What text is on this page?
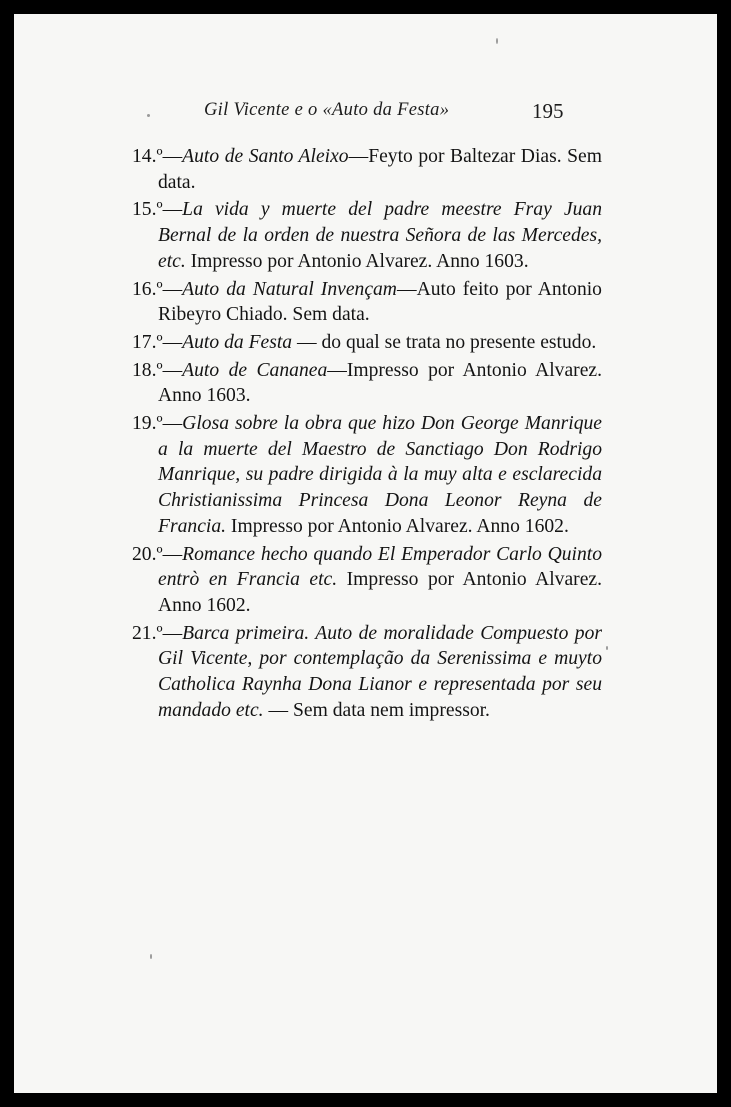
Gil Vicente e o «Auto da Festa»	195

14.º—Auto de Santo Aleixo—Feyto por Baltezar Dias. Sem data.

15.º—La vida y muerte del padre meestre Fray Juan Bernal de la orden de nuestra Señora de las Mercedes, etc. Impresso por Antonio Alvarez. Anno 1603.

16.º—Auto da Natural Invençam—Auto feito por Antonio Ribeyro Chiado. Sem data.

17.º—Auto da Festa — do qual se trata no presente estudo.

18.º—Auto de Cananea—Impresso por Antonio Alvarez. Anno 1603.

19.º—Glosa sobre la obra que hizo Don George Manrique a la muerte del Maestro de Sanctiago Don Rodrigo Manrique, su padre dirigida à la muy alta e esclarecida Christianissima Princesa Dona Leonor Reyna de Francia. Impresso por Antonio Alvarez. Anno 1602.

20.º—Romance hecho quando El Emperador Carlo Quinto entrò en Francia etc. Impresso por Antonio Alvarez. Anno 1602.

21.º—Barca primeira. Auto de moralidade Compuesto por Gil Vicente, por contemplação da Serenissima e muyto Catholica Raynha Dona Lianor e representada por seu mandado etc. — Sem data nem impressor.
